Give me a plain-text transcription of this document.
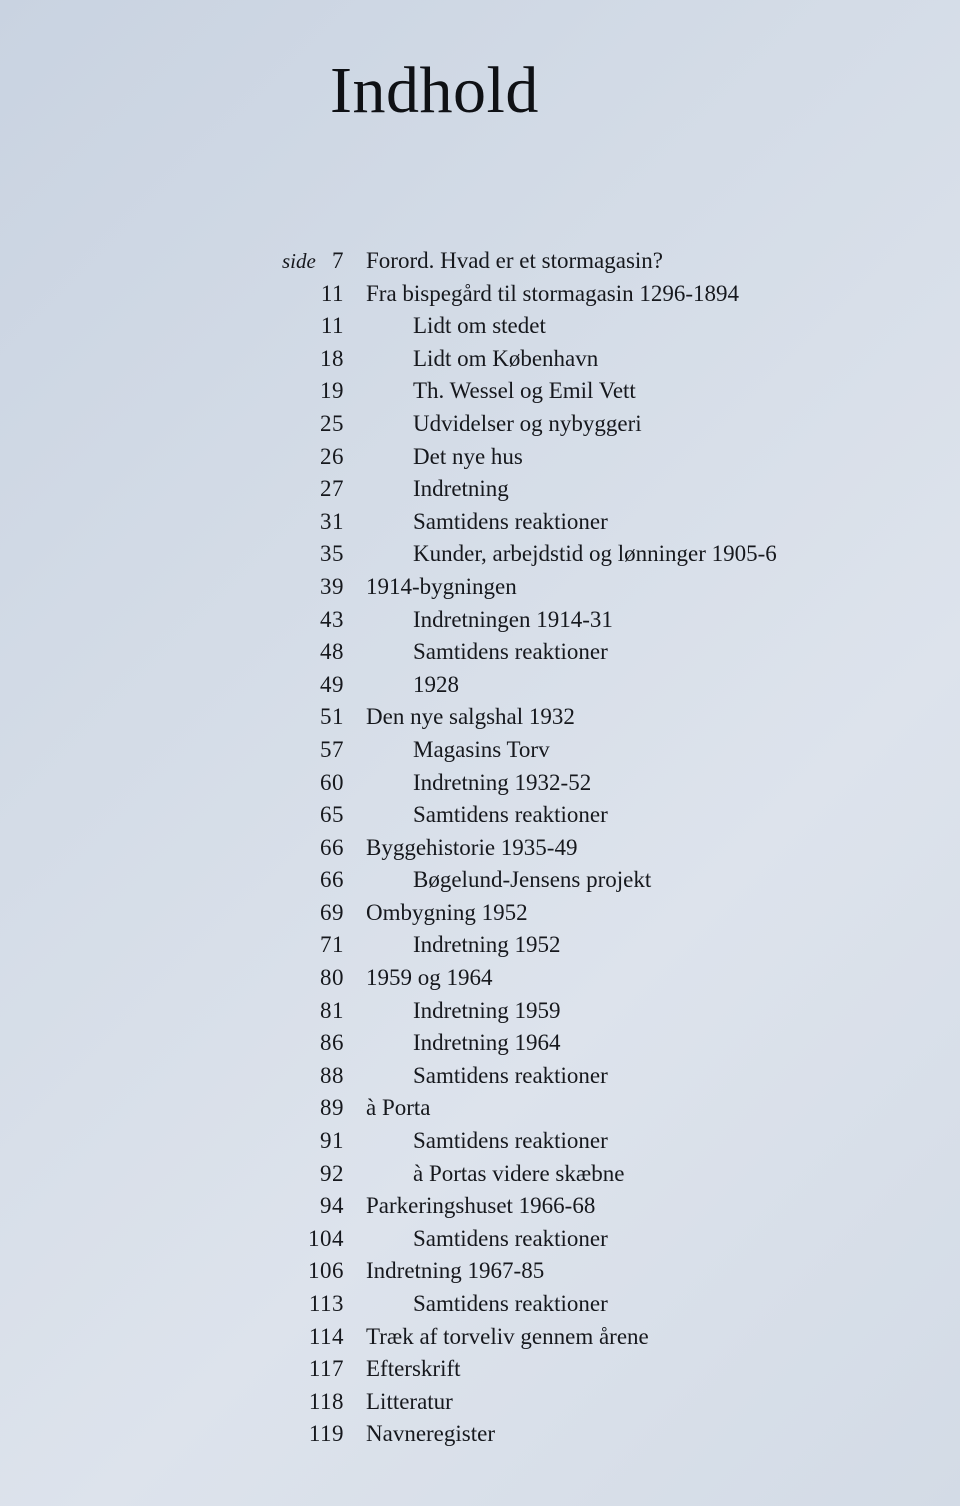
Indhold
side 7 Forord. Hvad er et stormagasin?
11 Fra bispegård til stormagasin 1296-1894
11	Lidt om stedet
18	Lidt om København
19	Th. Wessel og Emil Vett
25	Udvidelser og nybyggeri
26	Det nye hus
27	Indretning
31	Samtidens reaktioner
35	Kunder, arbejdstid og lønninger 1905-6
39 1914-bygningen
43	Indretningen 1914-31
48	Samtidens reaktioner
49	1928
51 Den nye salgshal 1932
57	Magasins Torv
60	Indretning 1932-52
65	Samtidens reaktioner
66 Byggehistorie 1935-49
66	Bøgelund-Jensens projekt
69 Ombygning 1952
71	Indretning 1952
80 1959 og 1964
81	Indretning 1959
86	Indretning 1964
88	Samtidens reaktioner
89 à Porta
91	Samtidens reaktioner
92	à Portas videre skæbne
94 Parkeringshuset 1966-68
104	Samtidens reaktioner
106 Indretning 1967-85
113	Samtidens reaktioner
114 Træk af torveliv gennem årene
117 Efterskrift
118 Litteratur
119 Navneregister
